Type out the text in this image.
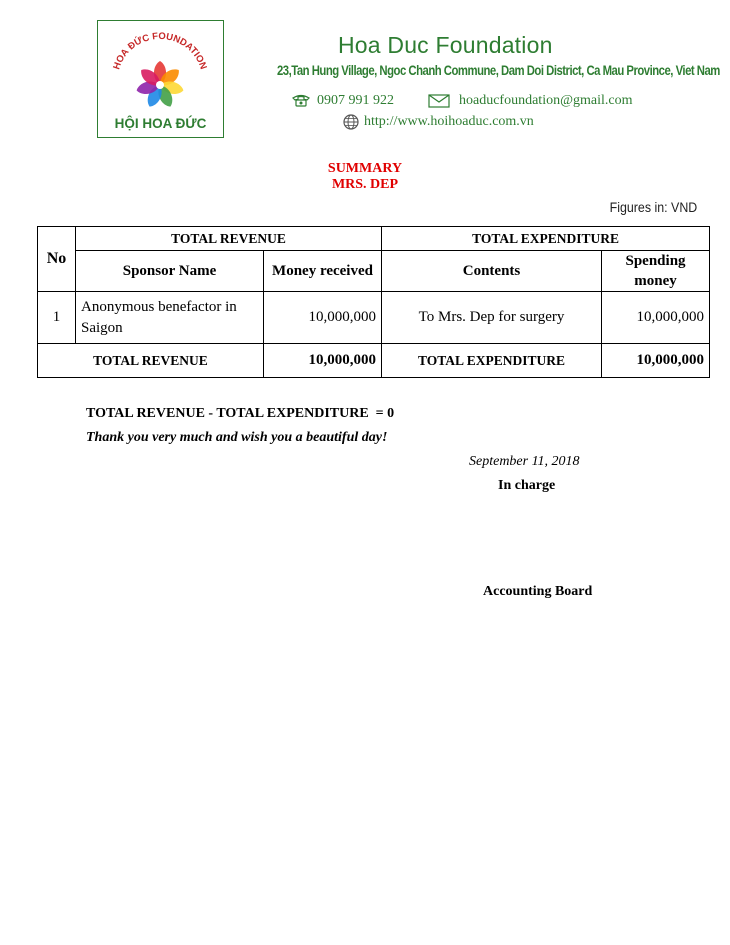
HOA ĐỨC FOUNDATION
HỘI HOA ĐỨC
Hoa Duc Foundation
23,Tan Hung Village, Ngoc Chanh Commune, Dam Doi District, Ca Mau Province, Viet Nam
0907 991 922	hoaducfoundation@gmail.com
http://www.hoihoaduc.com.vn
SUMMARY
MRS. DEP
Figures in: VND
No	TOTAL REVENUE		TOTAL EXPENDITURE	
	Sponsor Name	Money received	Contents	Spending money
1	Anonymous benefactor in Saigon	10,000,000	To Mrs. Dep for surgery	10,000,000
TOTAL REVENUE		10,000,000	TOTAL EXPENDITURE	10,000,000
TOTAL REVENUE - TOTAL EXPENDITURE  = 0
Thank you very much and wish you a beautiful day!
September 11, 2018
In charge
Accounting Board
